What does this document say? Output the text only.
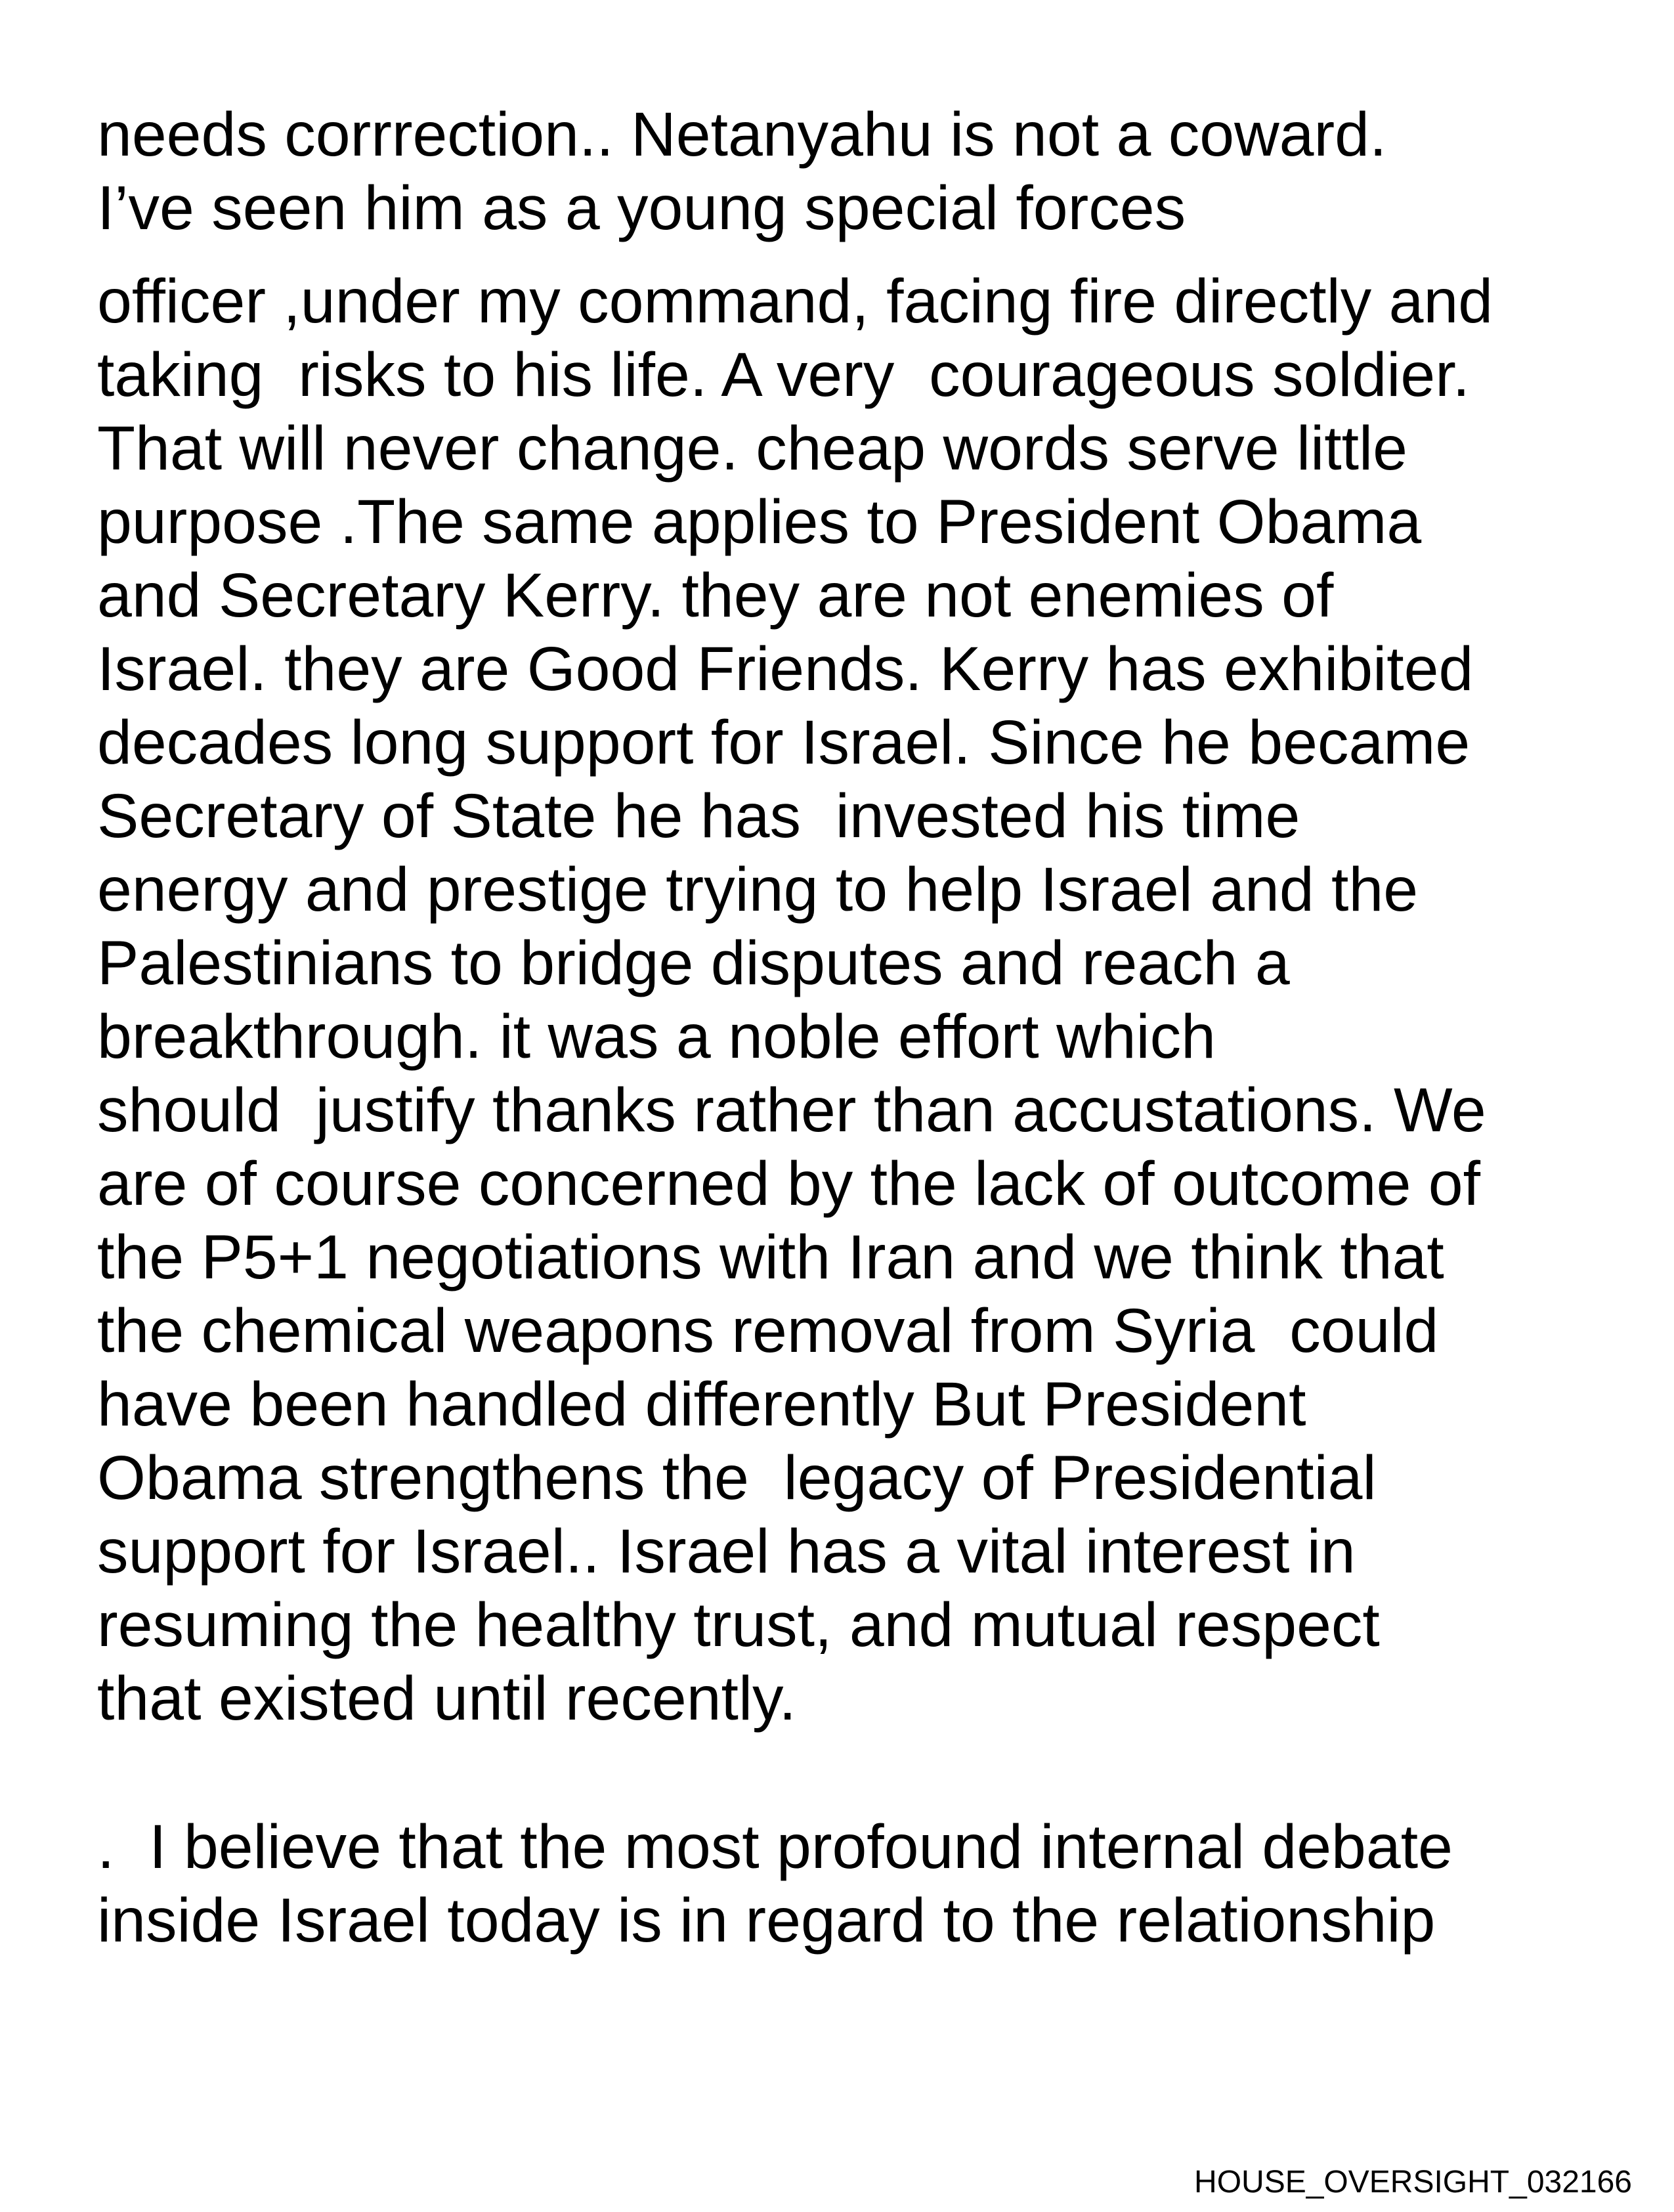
needs corrrection.. Netanyahu is not a coward.
I’ve seen him as a young special forces
officer ,under my command, facing fire directly and
taking  risks to his life. A very  courageous soldier.
That will never change. cheap words serve little
purpose .The same applies to President Obama
and Secretary Kerry. they are not enemies of
Israel. they are Good Friends. Kerry has exhibited
decades long support for Israel. Since he became
Secretary of State he has  invested his time
energy and prestige trying to help Israel and the
Palestinians to bridge disputes and reach a
breakthrough. it was a noble effort which
should  justify thanks rather than accustations. We
are of course concerned by the lack of outcome of
the P5+1 negotiations with Iran and we think that
the chemical weapons removal from Syria  could
have been handled differently But President
Obama strengthens the  legacy of Presidential
support for Israel.. Israel has a vital interest in
resuming the healthy trust, and mutual respect
that existed until recently.
.  I believe that the most profound internal debate
inside Israel today is in regard to the relationship
HOUSE_OVERSIGHT_032166
